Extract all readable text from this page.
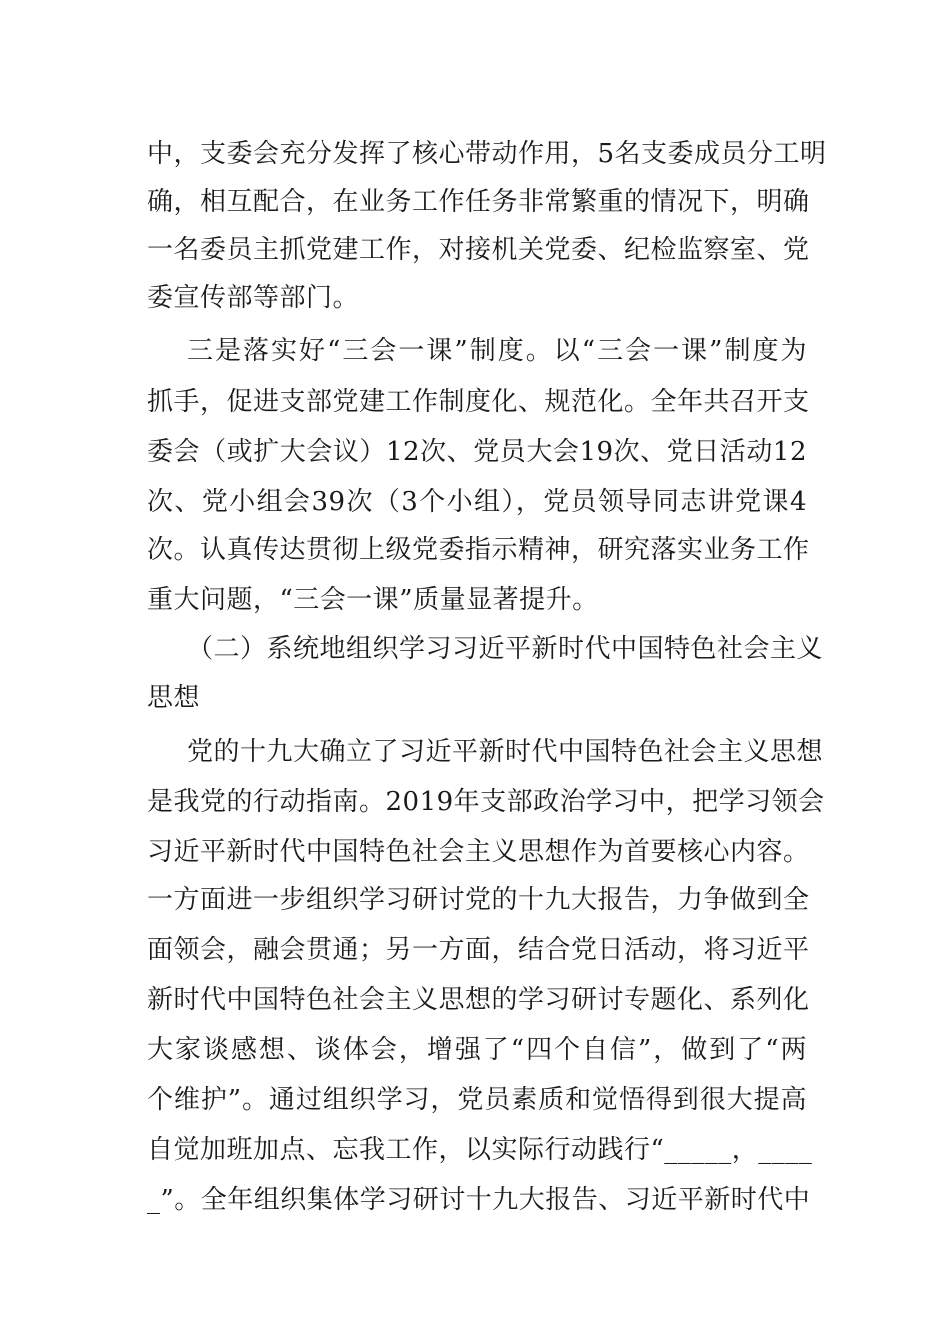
中，支委会充分发挥了核心带动作用，5名支委成员分工明
确，相互配合，在业务工作任务非常繁重的情况下，明确
一名委员主抓党建工作，对接机关党委、纪检监察室、党
委宣传部等部门。
三是落实好“三会一课”制度。以“三会一课”制度为
抓手，促进支部党建工作制度化、规范化。全年共召开支
委会（或扩大会议）12次、党员大会19次、党日活动12
次、党小组会39次（3个小组），党员领导同志讲党课4
次。认真传达贯彻上级党委指示精神，研究落实业务工作
重大问题，“三会一课”质量显著提升。
（二）系统地组织学习习近平新时代中国特色社会主义
思想
党的十九大确立了习近平新时代中国特色社会主义思想
是我党的行动指南。2019年支部政治学习中，把学习领会
习近平新时代中国特色社会主义思想作为首要核心内容。
一方面进一步组织学习研讨党的十九大报告，力争做到全
面领会，融会贯通；另一方面，结合党日活动，将习近平
新时代中国特色社会主义思想的学习研讨专题化、系列化
大家谈感想、谈体会，增强了“四个自信”，做到了“两
个维护”。通过组织学习，党员素质和觉悟得到很大提高
自觉加班加点、忘我工作，以实际行动践行“_____，____
_”。全年组织集体学习研讨十九大报告、习近平新时代中
